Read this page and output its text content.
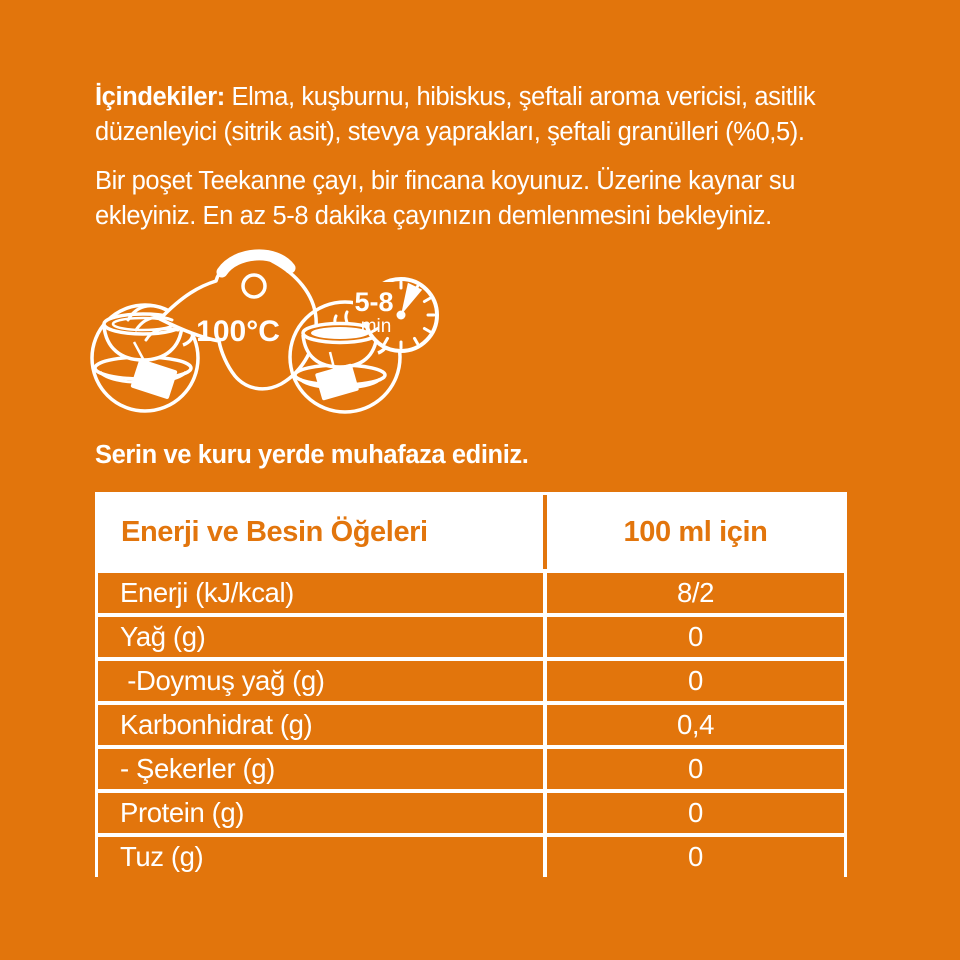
İçindekiler: Elma, kuşburnu, hibiskus, şeftali aroma vericisi, asitlik düzenleyici (sitrik asit), stevya yaprakları, şeftali granülleri (%0,5).

Bir poşet Teekanne çayı, bir fincana koyunuz. Üzerine kaynar su ekleyiniz. En az 5-8 dakika çayınızın demlenmesini bekleyiniz.

100°C
5-8
min

Serin ve kuru yerde muhafaza ediniz.

Enerji ve Besin Öğeleri	100 ml için
Enerji (kJ/kcal)	8/2
Yağ (g)	0
-Doymuş yağ (g)	0
Karbonhidrat (g)	0,4
- Şekerler (g)	0
Protein (g)	0
Tuz (g)	0
